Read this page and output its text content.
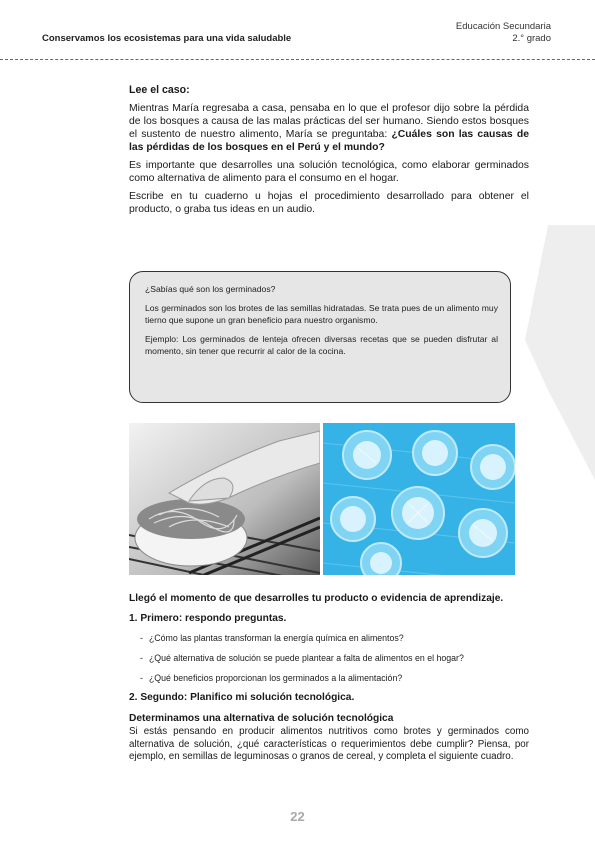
Conservamos los ecosistemas para una vida saludable
Educación Secundaria
2.° grado
Lee el caso:

Mientras María regresaba a casa, pensaba en lo que el profesor dijo sobre la pérdida de los bosques a causa de las malas prácticas del ser humano. Siendo estos bosques el sustento de nuestro alimento, María se preguntaba: ¿Cuáles son las causas de las pérdidas de los bosques en el Perú y el mundo?

Es importante que desarrolles una solución tecnológica, como elaborar germinados como alternativa de alimento para el consumo en el hogar.

Escribe en tu cuaderno u hojas el procedimiento desarrollado para obtener el producto, o graba tus ideas en un audio.

¿Sabías qué son los germinados?

Los germinados son los brotes de las semillas hidratadas. Se trata pues de un alimento muy tierno que supone un gran beneficio para nuestro organismo.

Ejemplo: Los germinados de lenteja ofrecen diversas recetas que se pueden disfrutar al momento, sin tener que recurrir al calor de la cocina.

Llegó el momento de que desarrolles tu producto o evidencia de aprendizaje.
1. Primero: respondo preguntas.
- ¿Cómo las plantas transforman la energía química en alimentos?
- ¿Qué alternativa de solución se puede plantear a falta de alimentos en el hogar?
- ¿Qué beneficios proporcionan los germinados a la alimentación?
2. Segundo: Planifico mi solución tecnológica.
Determinamos una alternativa de solución tecnológica

Si estás pensando en producir alimentos nutritivos como brotes y germinados como alternativa de solución, ¿qué características o requerimientos debe cumplir? Piensa, por ejemplo, en semillas de leguminosas o granos de cereal, y completa el siguiente cuadro.

22
